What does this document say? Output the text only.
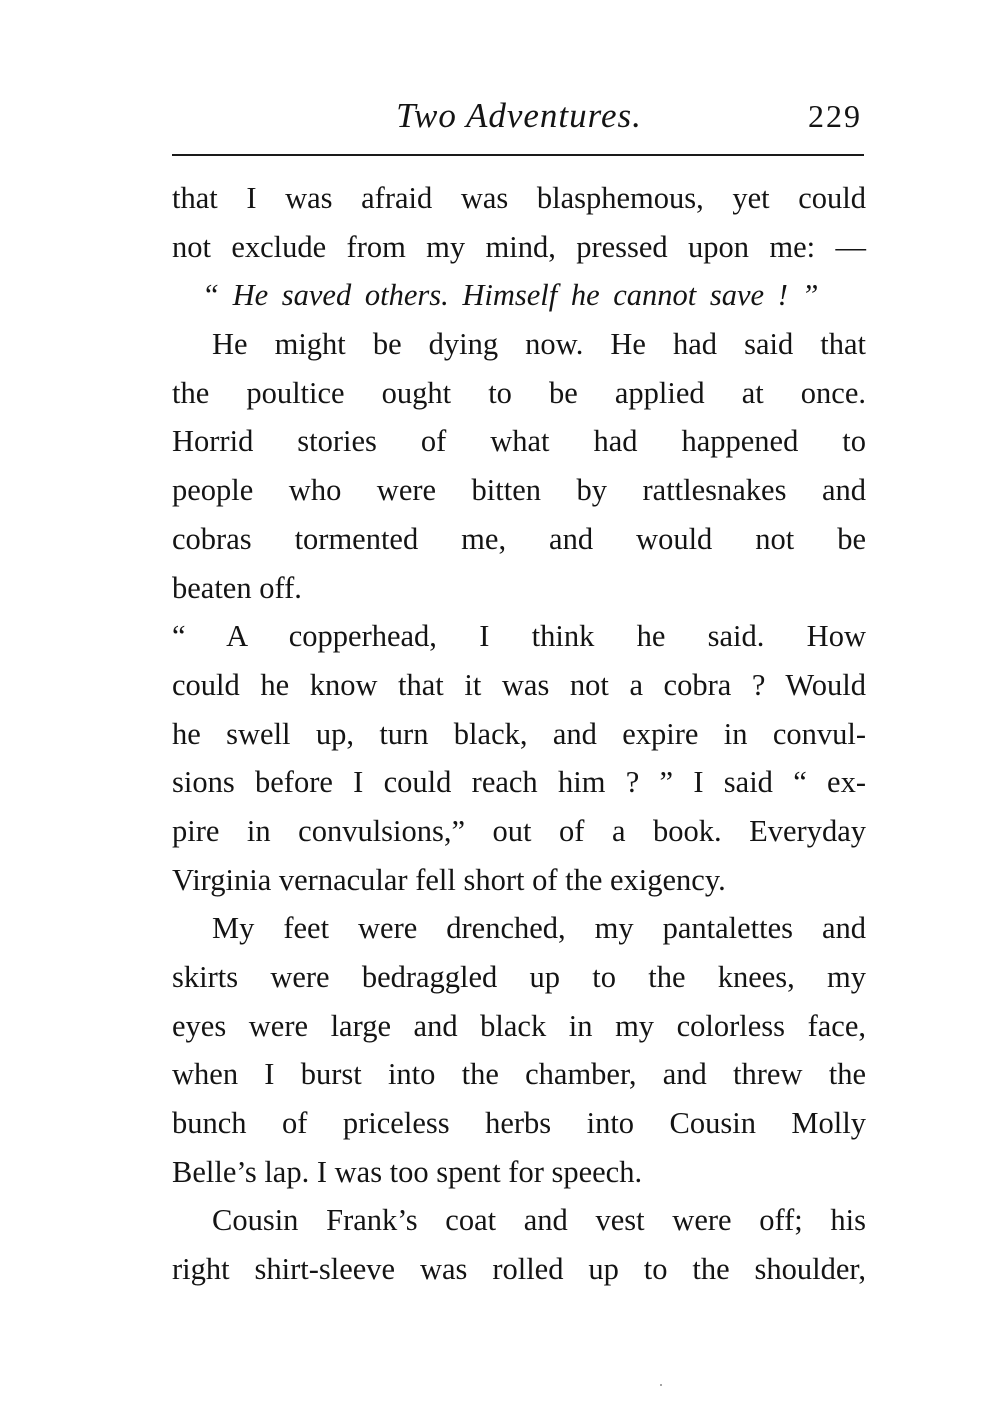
Two Adventures.	229
that I was afraid was blasphemous, yet could
not exclude from my mind, pressed upon me: —
“ He saved others. Himself he cannot save ! ”
He might be dying now. He had said that
the poultice ought to be applied at once.
Horrid stories of what had happened to
people who were bitten by rattlesnakes and
cobras tormented me, and would not be
beaten off.
“ A copperhead, I think he said. How
could he know that it was not a cobra ? Would
he swell up, turn black, and expire in convul-
sions before I could reach him ? ” I said “ ex-
pire in convulsions,” out of a book. Everyday
Virginia vernacular fell short of the exigency.
My feet were drenched, my pantalettes and
skirts were bedraggled up to the knees, my
eyes were large and black in my colorless face,
when I burst into the chamber, and threw the
bunch of priceless herbs into Cousin Molly
Belle’s lap. I was too spent for speech.
Cousin Frank’s coat and vest were off; his
right shirt-sleeve was rolled up to the shoulder,
